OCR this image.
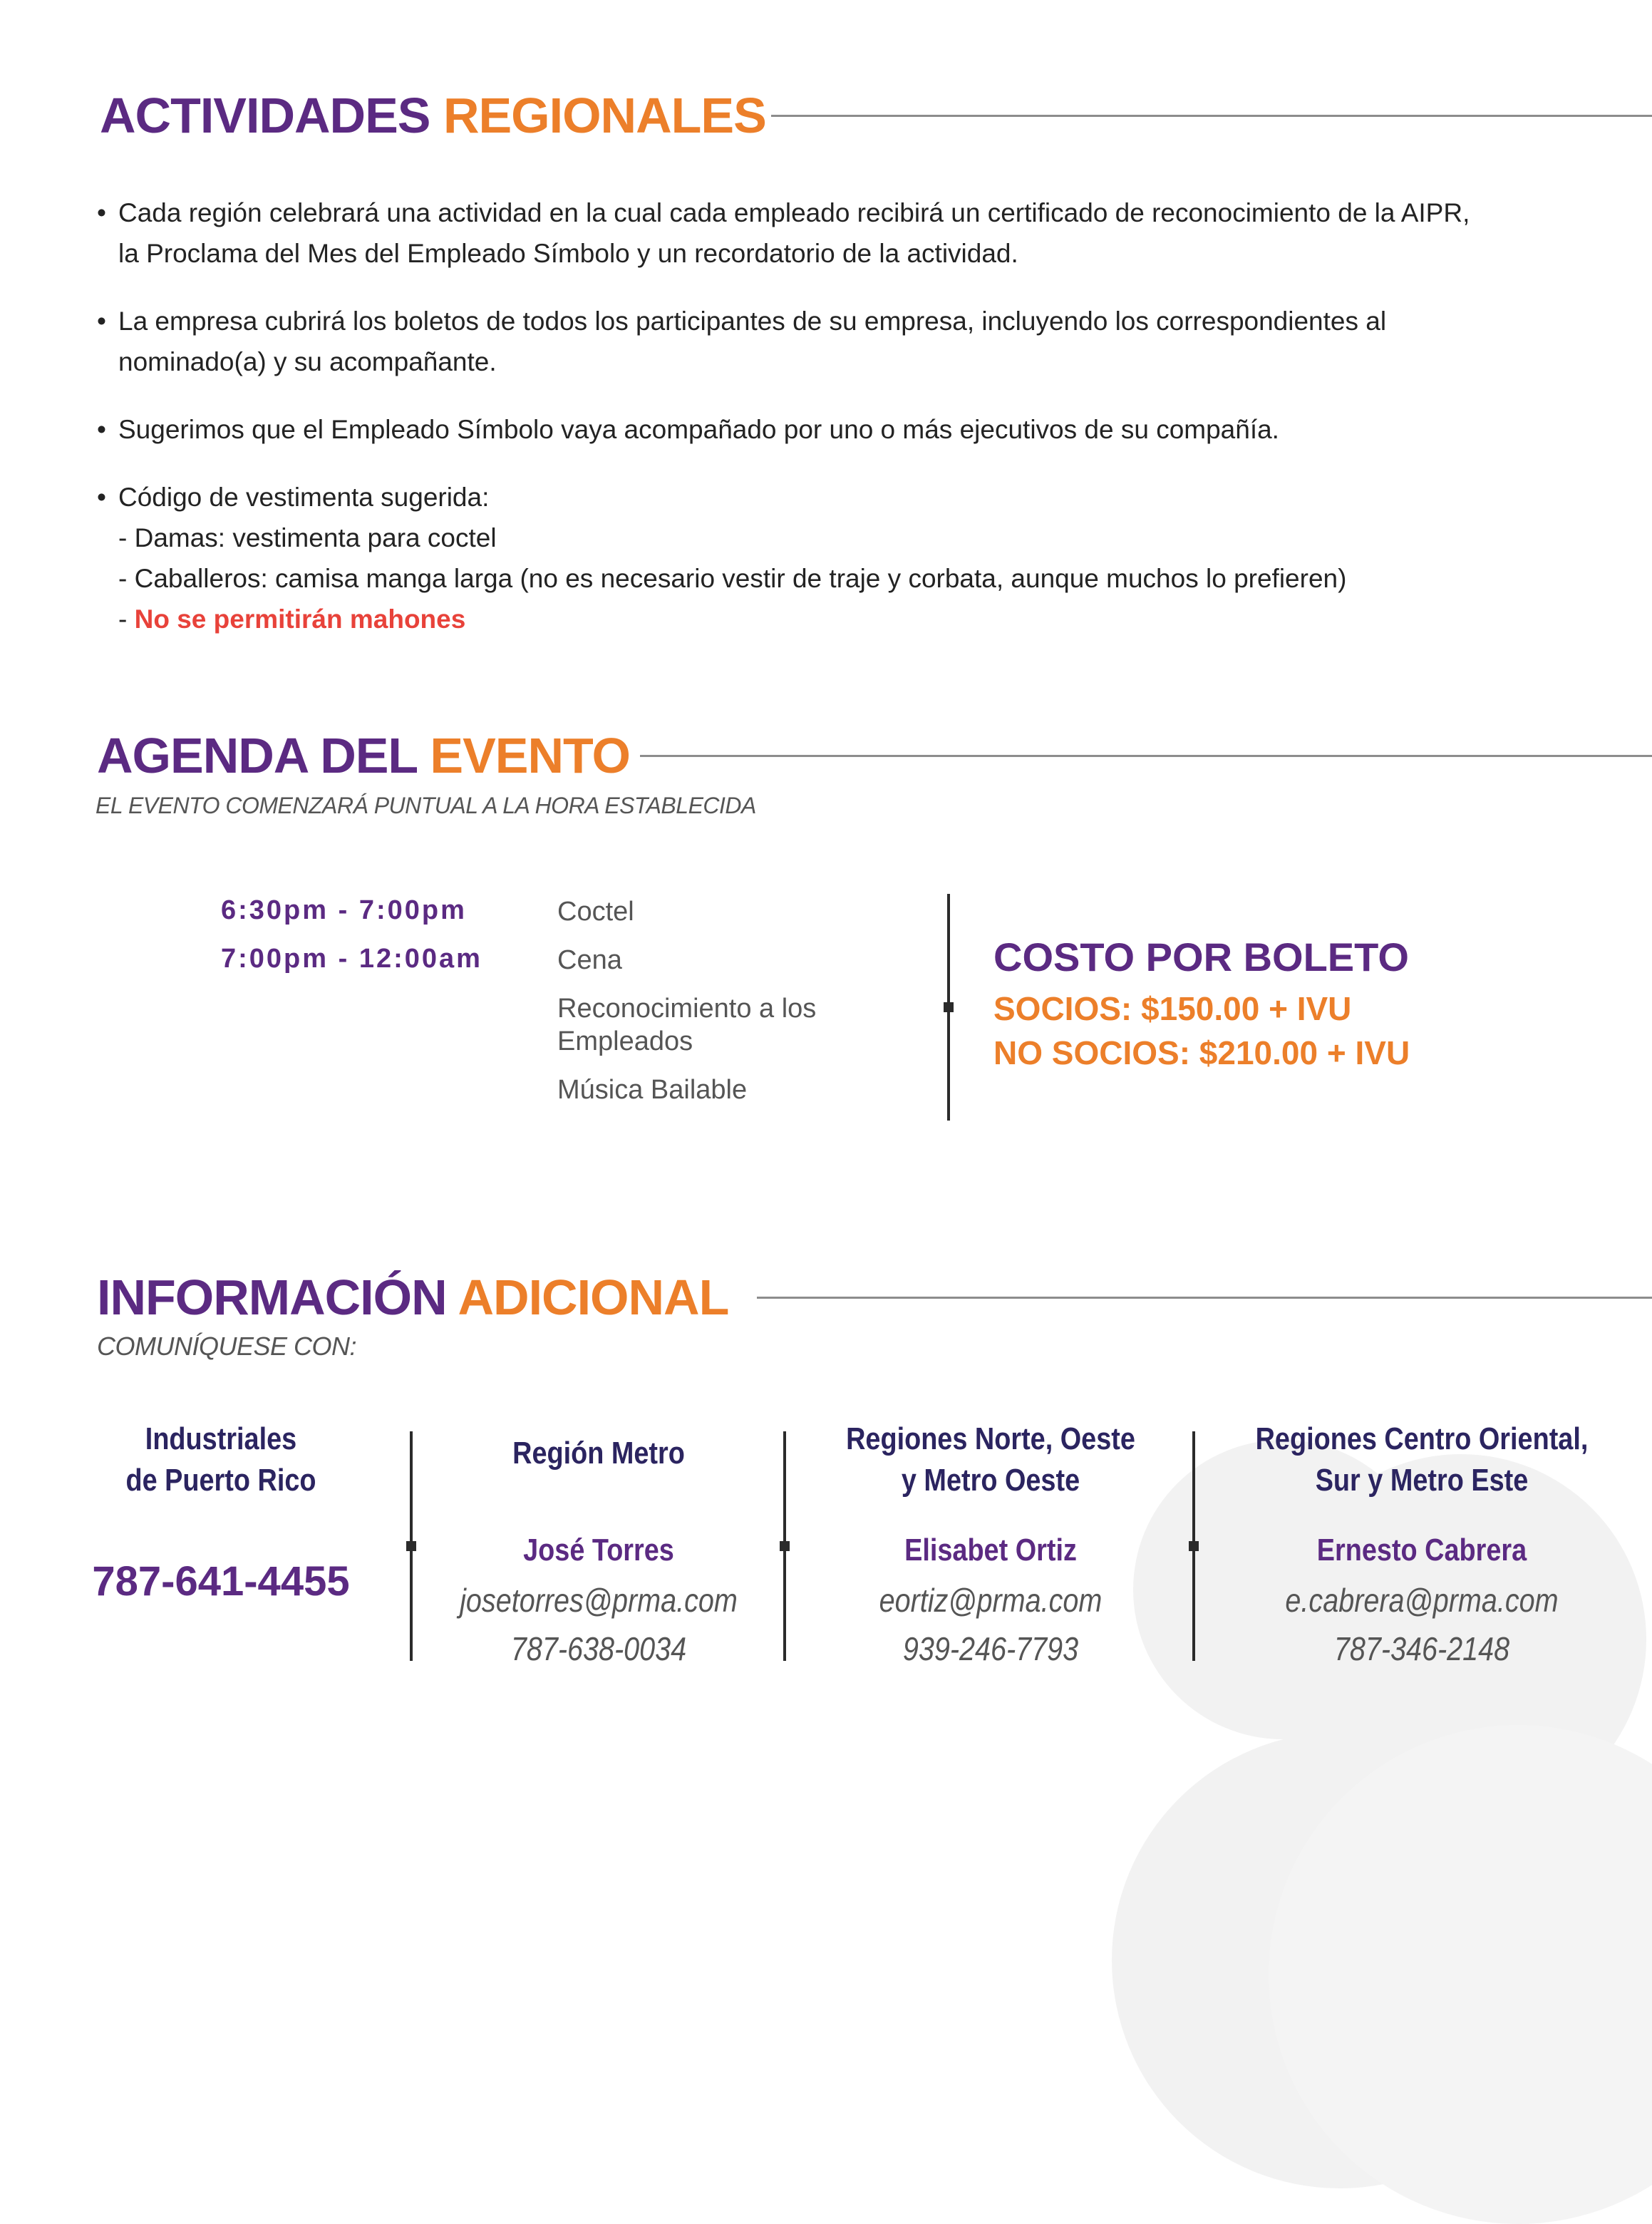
ACTIVIDADES REGIONALES
• Cada región celebrará una actividad en la cual cada empleado recibirá un certificado de reconocimiento de la AIPR,
la Proclama del Mes del Empleado Símbolo y un recordatorio de la actividad.
• La empresa cubrirá los boletos de todos los participantes de su empresa, incluyendo los correspondientes al
nominado(a) y su acompañante.
• Sugerimos que el Empleado Símbolo vaya acompañado por uno o más ejecutivos de su compañía.
• Código de vestimenta sugerida:
- Damas: vestimenta para coctel
- Caballeros: camisa manga larga (no es necesario vestir de traje y corbata, aunque muchos lo prefieren)
- No se permitirán mahones
AGENDA DEL EVENTO
EL EVENTO COMENZARÁ PUNTUAL A LA HORA ESTABLECIDA
6:30pm - 7:00pm
7:00pm - 12:00am
Coctel
Cena
Reconocimiento a los Empleados
Música Bailable
COSTO POR BOLETO
SOCIOS: $150.00 + IVU
NO SOCIOS: $210.00 + IVU
INFORMACIÓN ADICIONAL
COMUNÍQUESE CON:
Industriales
de Puerto Rico
787-641-4455
Región Metro
José Torres
josetorres@prma.com
787-638-0034
Regiones Norte, Oeste
y Metro Oeste
Elisabet Ortiz
eortiz@prma.com
939-246-7793
Regiones Centro Oriental,
Sur y Metro Este
Ernesto Cabrera
e.cabrera@prma.com
787-346-2148
